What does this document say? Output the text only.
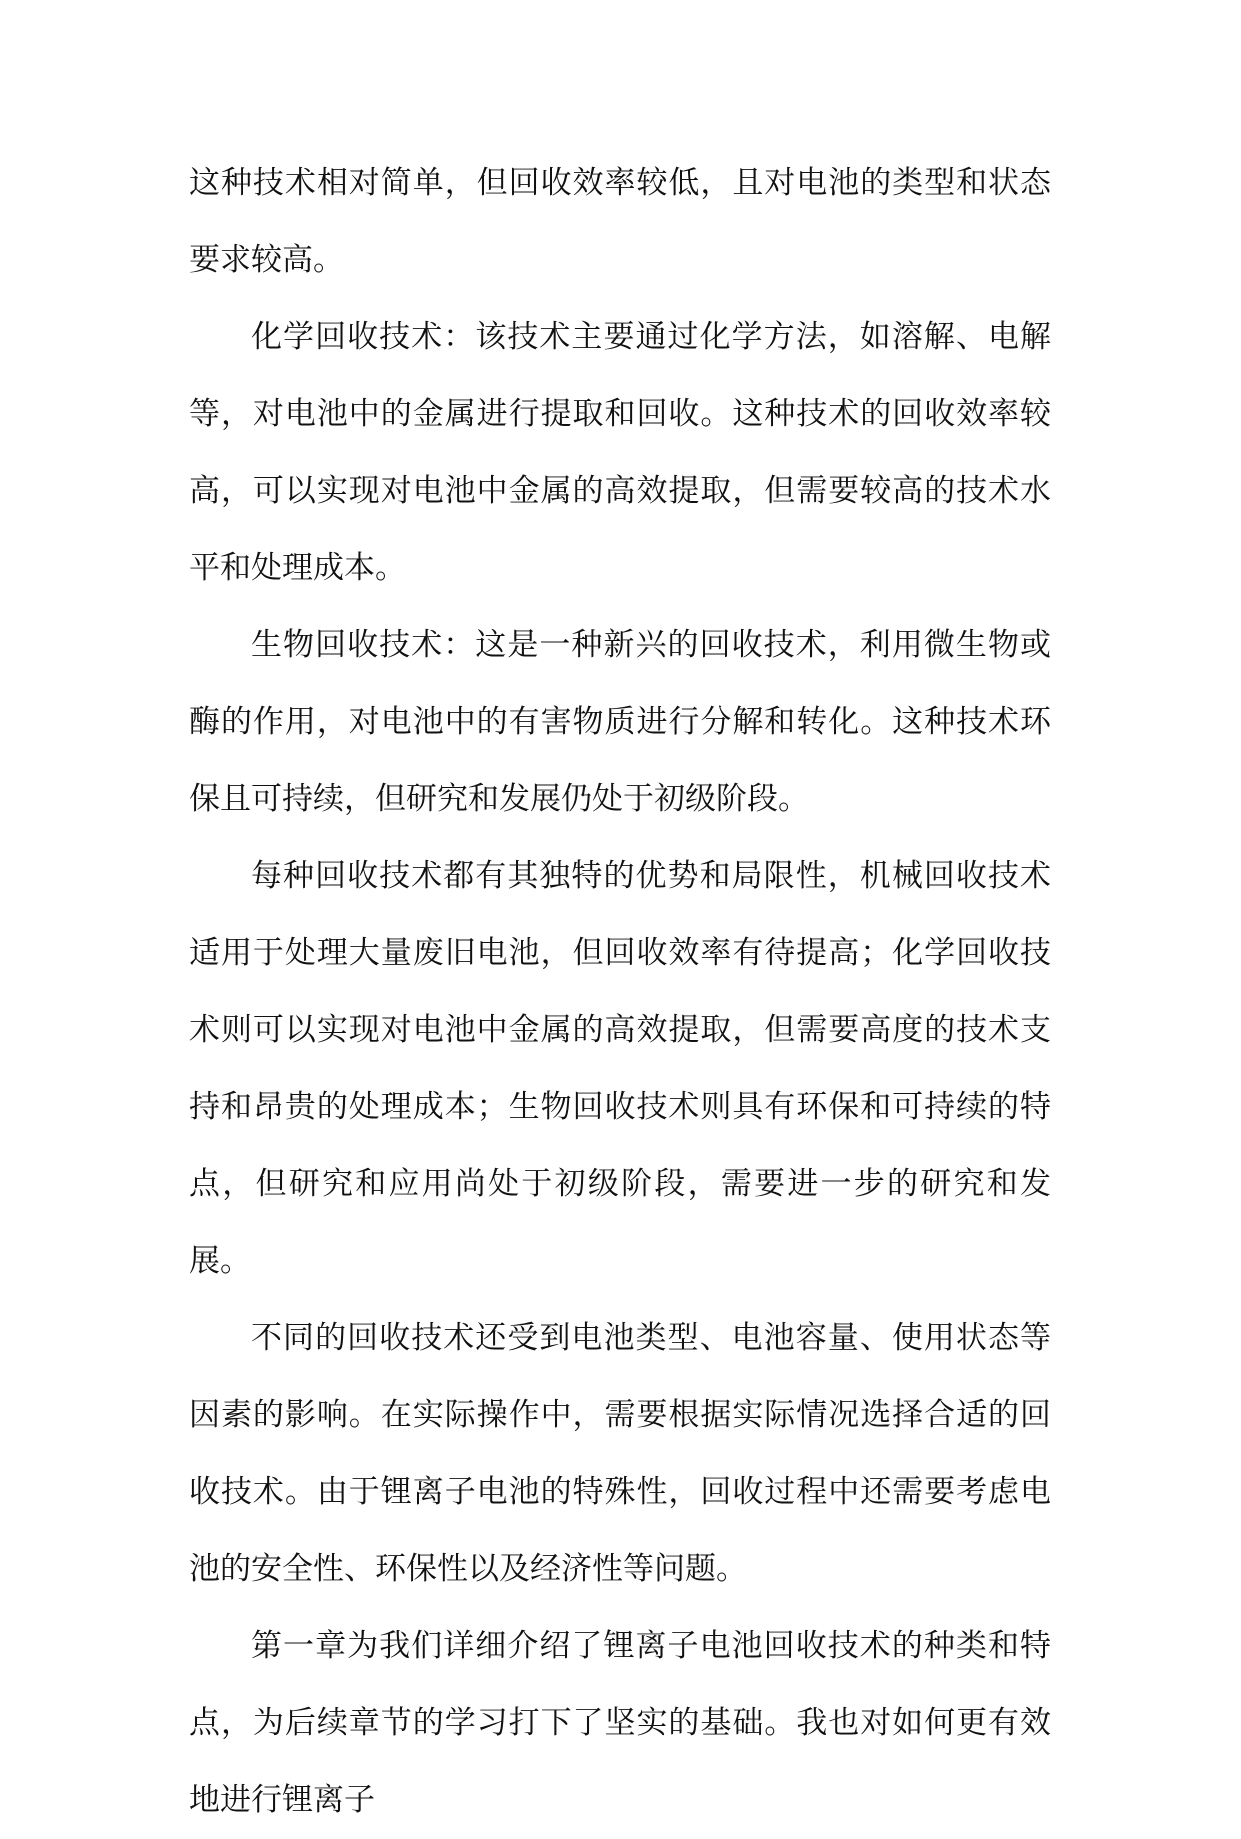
这种技术相对简单，但回收效率较低，且对电池的类型和状态要求较高。

化学回收技术：该技术主要通过化学方法，如溶解、电解等，对电池中的金属进行提取和回收。这种技术的回收效率较高，可以实现对电池中金属的高效提取，但需要较高的技术水平和处理成本。

生物回收技术：这是一种新兴的回收技术，利用微生物或酶的作用，对电池中的有害物质进行分解和转化。这种技术环保且可持续，但研究和发展仍处于初级阶段。

每种回收技术都有其独特的优势和局限性，机械回收技术适用于处理大量废旧电池，但回收效率有待提高；化学回收技术则可以实现对电池中金属的高效提取，但需要高度的技术支持和昂贵的处理成本；生物回收技术则具有环保和可持续的特点，但研究和应用尚处于初级阶段，需要进一步的研究和发展。

不同的回收技术还受到电池类型、电池容量、使用状态等因素的影响。在实际操作中，需要根据实际情况选择合适的回收技术。由于锂离子电池的特殊性，回收过程中还需要考虑电池的安全性、环保性以及经济性等问题。

第一章为我们详细介绍了锂离子电池回收技术的种类和特点，为后续章节的学习打下了坚实的基础。我也对如何更有效地进行锂离子
